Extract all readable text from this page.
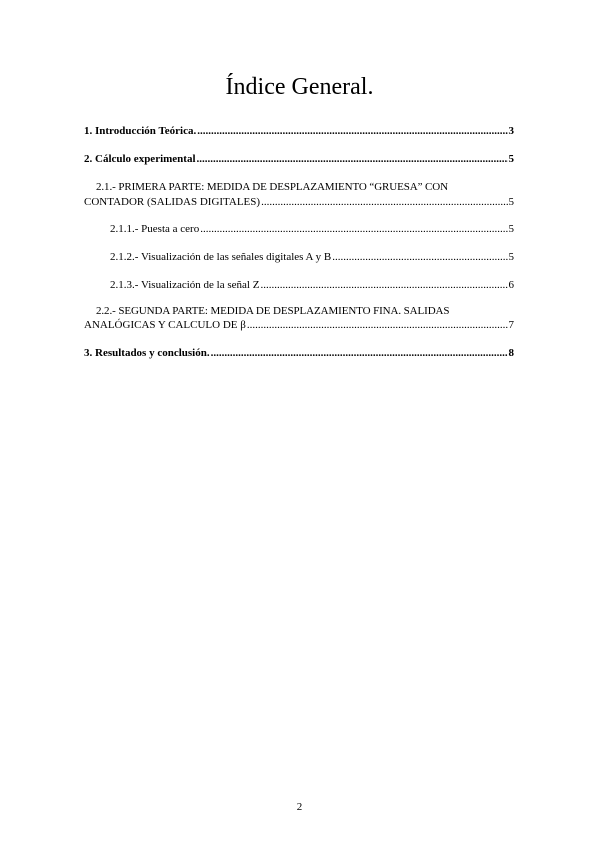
Índice General.
1. Introducción Teórica. .....	3
2. Cálculo experimental .....	5
2.1.- PRIMERA PARTE: MEDIDA DE DESPLAZAMIENTO “GRUESA” CON
CONTADOR (SALIDAS DIGITALES) .....	5
2.1.1.- Puesta a cero .....	5
2.1.2.- Visualización de las señales digitales A y B .....	5
2.1.3.- Visualización de la señal Z .....	6
2.2.- SEGUNDA PARTE: MEDIDA DE DESPLAZAMIENTO FINA. SALIDAS
ANALÓGICAS Y CALCULO DE β .....	7
3. Resultados y conclusión. .....	8
2
